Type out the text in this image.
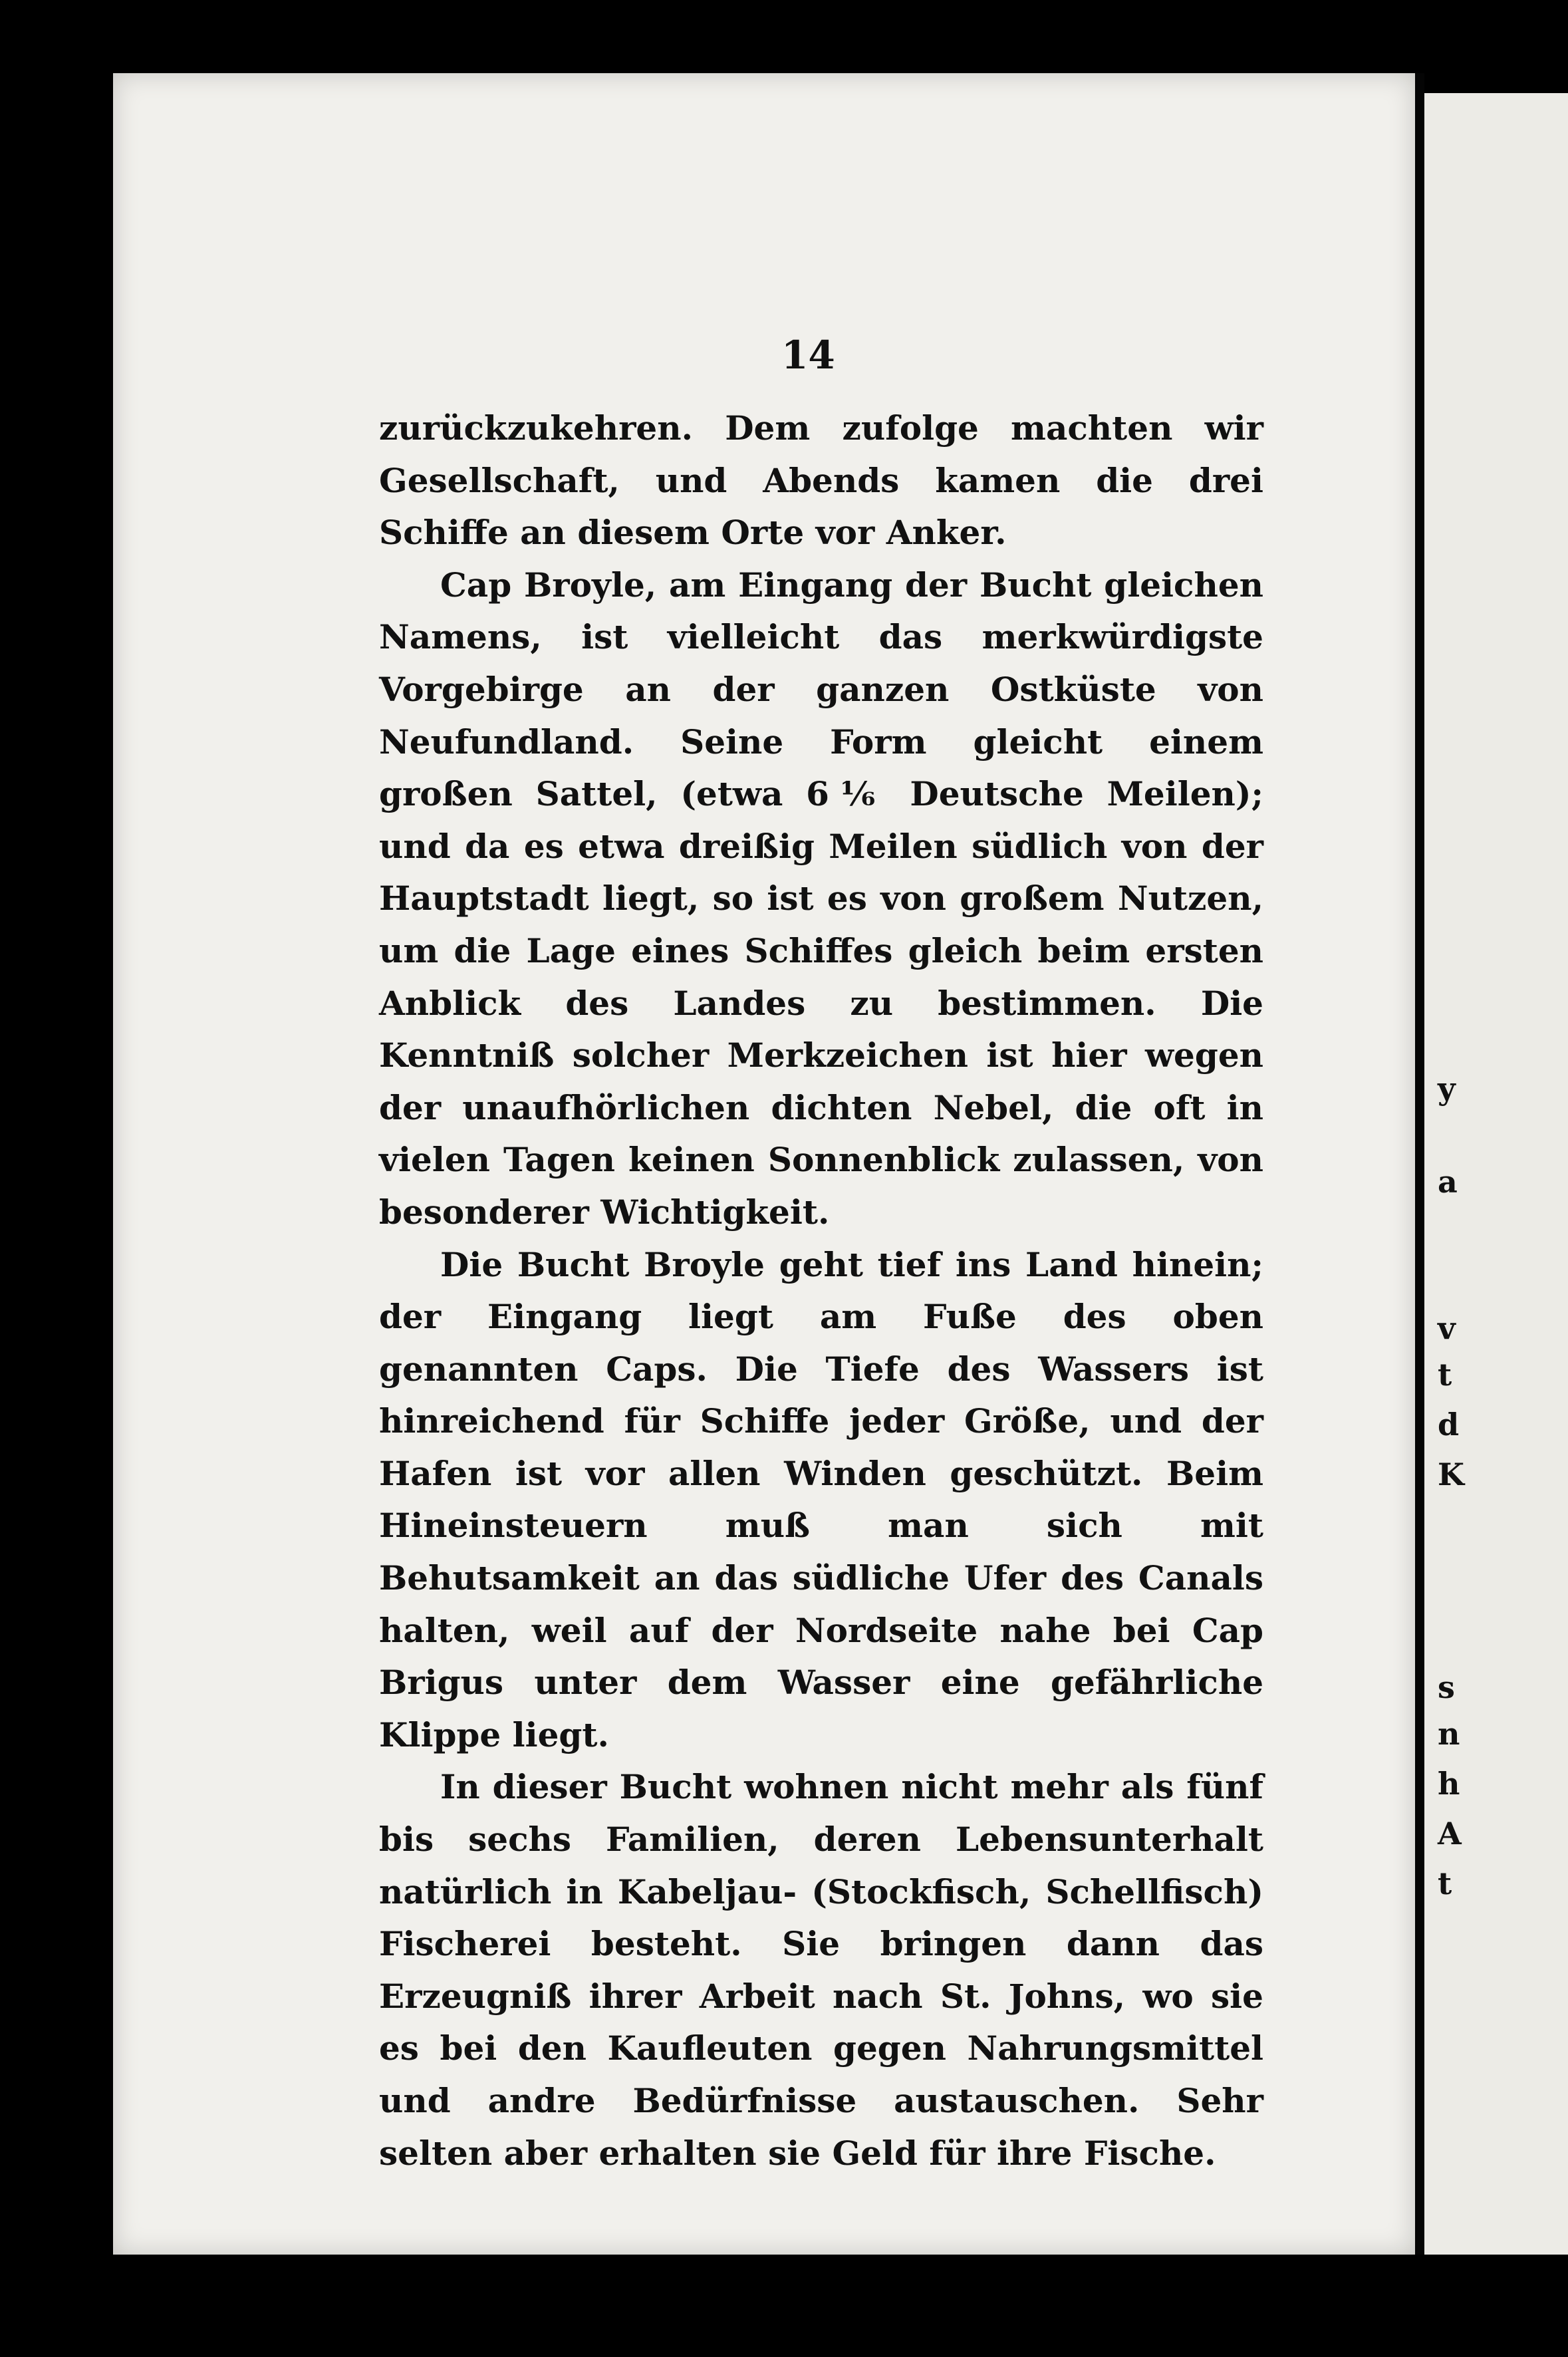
y
a
v
t
d
K
s
n
h
A
t
14

zurückzukehren. Dem zufolge machten wir Gesellschaft, und Abends kamen die drei Schiffe an diesem Orte vor Anker.

Cap Broyle, am Eingang der Bucht gleichen Namens, ist vielleicht das merkwürdigste Vorgebirge an der ganzen Ostküste von Neufundland. Seine Form gleicht einem großen Sattel, (etwa 6⅙ Deutsche Meilen); und da es etwa dreißig Meilen südlich von der Hauptstadt liegt, so ist es von großem Nutzen, um die Lage eines Schiffes gleich beim ersten Anblick des Landes zu bestimmen. Die Kenntniß solcher Merkzeichen ist hier wegen der unaufhörlichen dichten Nebel, die oft in vielen Tagen keinen Sonnenblick zulassen, von besonderer Wichtigkeit.

Die Bucht Broyle geht tief ins Land hinein; der Eingang liegt am Fuße des oben genannten Caps. Die Tiefe des Wassers ist hinreichend für Schiffe jeder Größe, und der Hafen ist vor allen Winden geschützt. Beim Hineinsteuern muß man sich mit Behutsamkeit an das südliche Ufer des Canals halten, weil auf der Nordseite nahe bei Cap Brigus unter dem Wasser eine gefährliche Klippe liegt.

In dieser Bucht wohnen nicht mehr als fünf bis sechs Familien, deren Lebensunterhalt natürlich in Kabeljau- (Stockfisch, Schellfisch) Fischerei besteht. Sie bringen dann das Erzeugniß ihrer Arbeit nach St. Johns, wo sie es bei den Kaufleuten gegen Nahrungsmittel und andre Bedürfnisse austauschen. Sehr selten aber erhalten sie Geld für ihre Fische.
